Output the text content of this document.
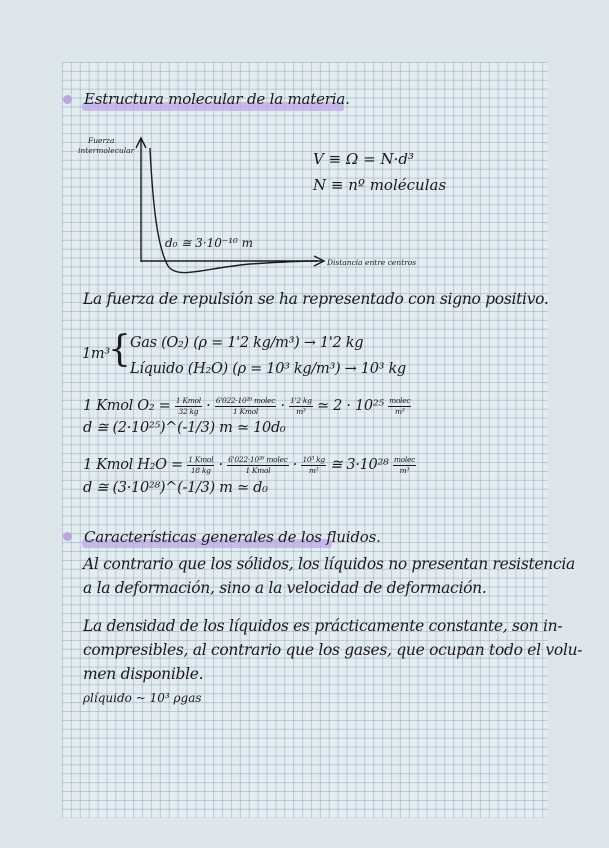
Estructura molecular de la materia.
Fuerza
intermolecular
d₀ ≅ 3·10⁻¹⁰ m
Distancia entre centros
V ≡ Ω = N·d³
N ≡ nº moléculas
La fuerza de repulsión se ha representado con signo positivo.
1m³
{ Gas (O₂) (ρ = 1'2 kg/m³) → 1'2 kg
Líquido (H₂O) (ρ = 10³ kg/m³) → 10³ kg
1 Kmol $O_2 = \frac{\text{1 Kmol}}{32 kg} \cdot \frac{\text{6'022·10²⁶ molec}}{\text{1 Kmol}} \cdot \frac{1'2 kg}{\text{m³}}$ ≃ $2 \cdot 10^{25} \frac{\text{molec}}{\text{m³}}$
d ≅ (2·10²⁵)^(-1/3) m ≃ 10d₀
1 Kmol $H_2O = \frac{\text{1 Kmol}}{18 kg} \cdot \frac{\text{6'022·10²⁶ molec}}{\text{1 Kmol}} \cdot \frac{\text{10³ kg}}{\text{m³}}$ ≅ $3\cdot 10^{28} \frac{\text{molec}}{\text{m³}}$
d ≅ (3·10²⁸)^(-1/3) m ≃ d₀
Características generales de los fluidos.
Al contrario que los sólidos, los líquidos no presentan resistencia
a la deformación, sino a la velocidad de deformación.
La densidad de los líquidos es prácticamente constante, son in-
compresibles, al contrario que los gases, que ocupan todo el volu-
men disponible.
ρlíquido ~ 10³ ρgas
